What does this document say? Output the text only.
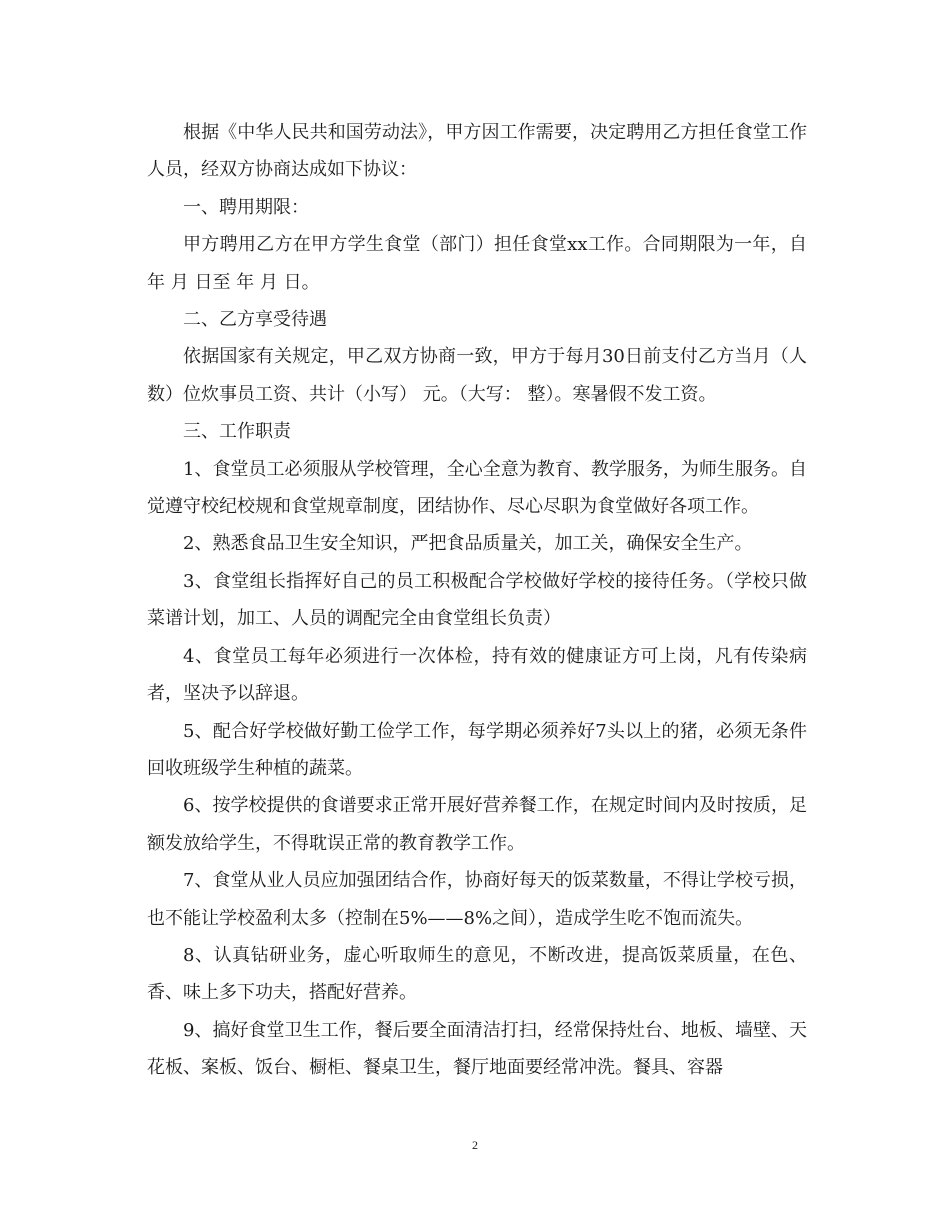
根据《中华人民共和国劳动法》，甲方因工作需要，决定聘用乙方担任食堂工作人员，经双方协商达成如下协议：

一、聘用期限：

甲方聘用乙方在甲方学生食堂（部门）担任食堂xx工作。合同期限为一年，自 年 月 日至 年 月 日。

二、乙方享受待遇

依据国家有关规定，甲乙双方协商一致，甲方于每月30日前支付乙方当月（人数）位炊事员工资、共计（小写） 元。（大写： 整）。寒暑假不发工资。

三、工作职责

1、食堂员工必须服从学校管理，全心全意为教育、教学服务，为师生服务。自觉遵守校纪校规和食堂规章制度，团结协作、尽心尽职为食堂做好各项工作。

2、熟悉食品卫生安全知识，严把食品质量关，加工关，确保安全生产。

3、食堂组长指挥好自己的员工积极配合学校做好学校的接待任务。（学校只做菜谱计划，加工、人员的调配完全由食堂组长负责）

4、食堂员工每年必须进行一次体检，持有效的健康证方可上岗，凡有传染病者，坚决予以辞退。

5、配合好学校做好勤工俭学工作，每学期必须养好7头以上的猪，必须无条件回收班级学生种植的蔬菜。

6、按学校提供的食谱要求正常开展好营养餐工作，在规定时间内及时按质，足额发放给学生，不得耽误正常的教育教学工作。

7、食堂从业人员应加强团结合作，协商好每天的饭菜数量，不得让学校亏损，也不能让学校盈利太多（控制在5%——8%之间），造成学生吃不饱而流失。

8、认真钻研业务，虚心听取师生的意见，不断改进，提高饭菜质量，在色、香、味上多下功夫，搭配好营养。

9、搞好食堂卫生工作，餐后要全面清洁打扫，经常保持灶台、地板、墙壁、天花板、案板、饭台、橱柜、餐桌卫生，餐厅地面要经常冲洗。餐具、容器

2
